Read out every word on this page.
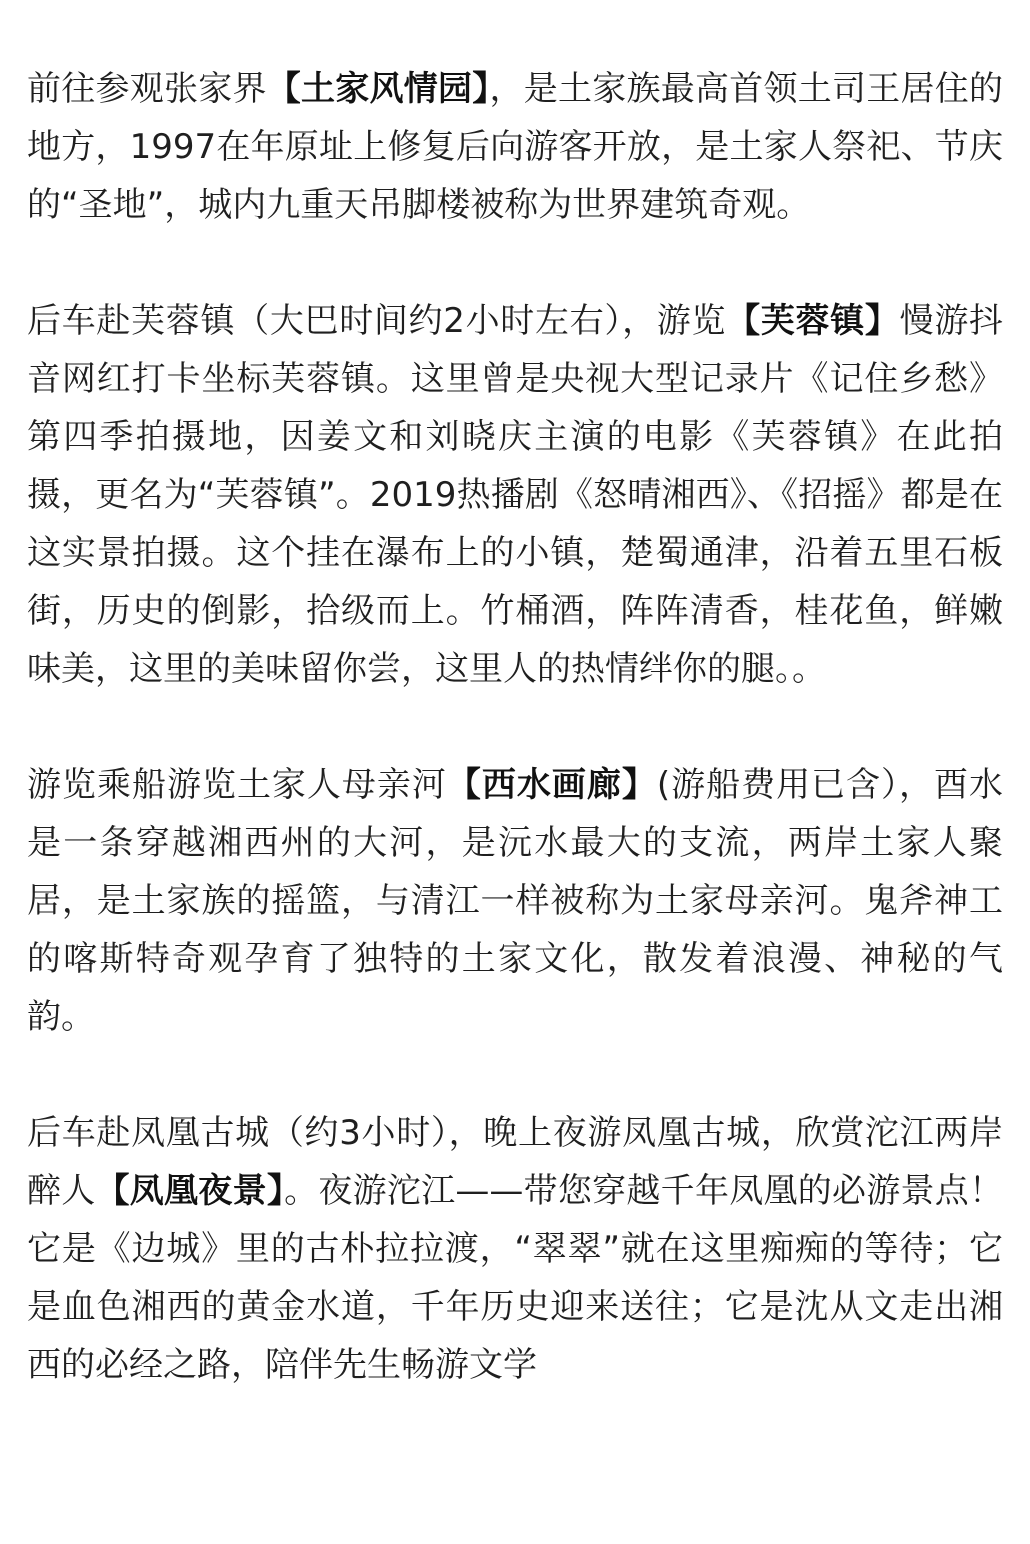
前往参观张家界【土家风情园】，是土家族最高首领土司王居住的地方，1997在年原址上修复后向游客开放，是土家人祭祀、节庆的“圣地”，城内九重天吊脚楼被称为世界建筑奇观。

后车赴芙蓉镇（大巴时间约2小时左右），游览【芙蓉镇】慢游抖音网红打卡坐标芙蓉镇。这里曾是央视大型记录片《记住乡愁》第四季拍摄地，因姜文和刘晓庆主演的电影《芙蓉镇》在此拍摄，更名为“芙蓉镇”。2019热播剧《怒晴湘西》、《招摇》都是在这实景拍摄。这个挂在瀑布上的小镇，楚蜀通津，沿着五里石板街，历史的倒影，拾级而上。竹桶酒，阵阵清香，桂花鱼，鲜嫩味美，这里的美味留你尝，这里人的热情绊你的腿。。

游览乘船游览土家人母亲河【西水画廊】(游船费用已含），酉水是一条穿越湘西州的大河，是沅水最大的支流，两岸土家人聚居，是土家族的摇篮，与清江一样被称为土家母亲河。鬼斧神工的喀斯特奇观孕育了独特的土家文化，散发着浪漫、神秘的气韵。

后车赴凤凰古城（约3小时），晚上夜游凤凰古城，欣赏沱江两岸醉人【凤凰夜景】。夜游沱江——带您穿越千年凤凰的必游景点！它是《边城》里的古朴拉拉渡，“翠翠”就在这里痴痴的等待；它是血色湘西的黄金水道，千年历史迎来送往；它是沈从文走出湘西的必经之路，陪伴先生畅游文学
